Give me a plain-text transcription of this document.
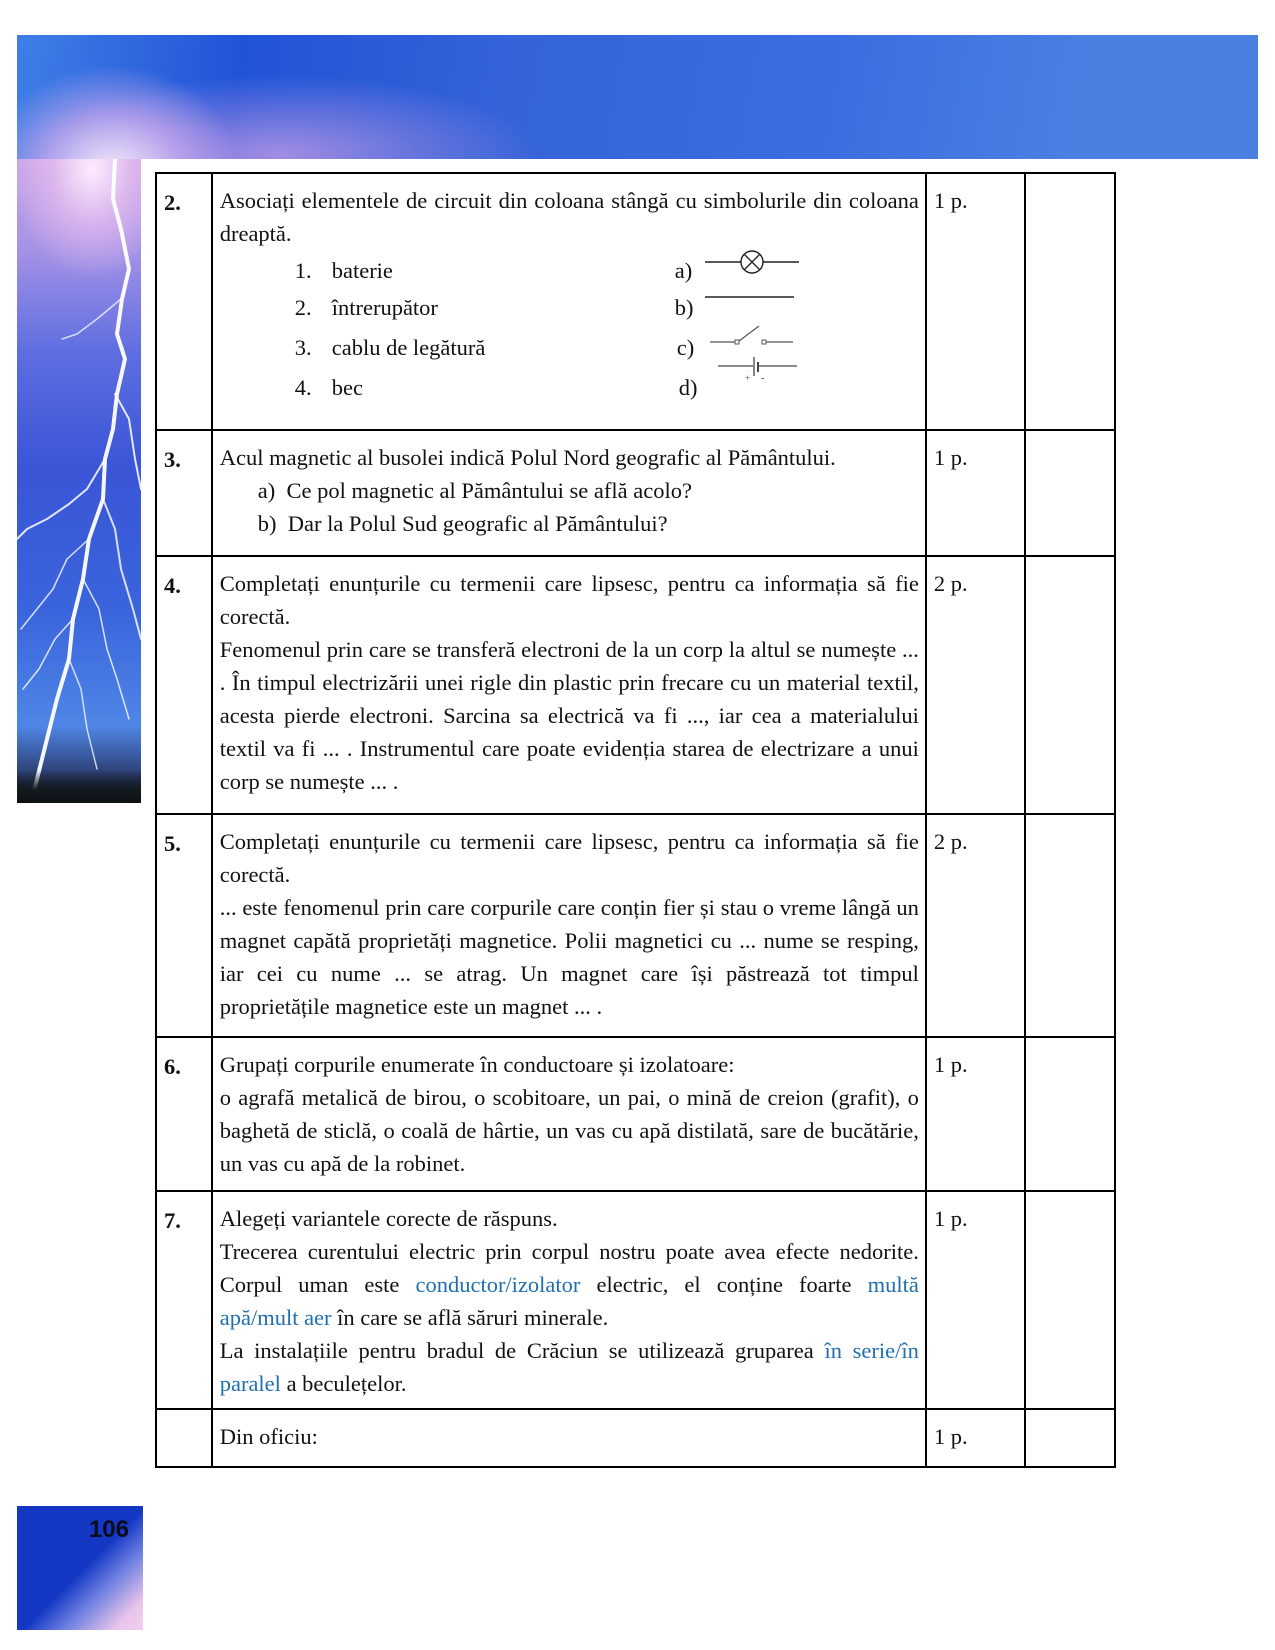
2.	Asociați elementele de circuit din coloana stângă cu simbolurile din coloana dreaptă.
1. baterie
2. întrerupător
3. cablu de legătură
4. bec
a)
b)
c)
d)	+ -
	1 p.	
3.	Acul magnetic al busolei indică Polul Nord geografic al Pământului.
a) Ce pol magnetic al Pământului se află acolo?
b) Dar la Polul Sud geografic al Pământului?	1 p.	
4.	Completați enunțurile cu termenii care lipsesc, pentru ca informația să fie corectă.
Fenomenul prin care se transferă electroni de la un corp la altul se numește ... . În timpul electrizării unei rigle din plastic prin frecare cu un material textil, acesta pierde electroni. Sarcina sa electrică va fi ..., iar cea a materialului textil va fi ... . Instrumentul care poate evidenția starea de electrizare a unui corp se numește ... .	2 p.	
5.	Completați enunțurile cu termenii care lipsesc, pentru ca informația să fie corectă.
... este fenomenul prin care corpurile care conțin fier și stau o vreme lângă un magnet capătă proprietăți magnetice. Polii magnetici cu ... nume se resping, iar cei cu nume ... se atrag. Un magnet care își păstrează tot timpul proprietățile magnetice este un magnet ... .	2 p.	
6.	Grupați corpurile enumerate în conductoare și izolatoare:
o agrafă metalică de birou, o scobitoare, un pai, o mină de creion (grafit), o baghetă de sticlă, o coală de hârtie, un vas cu apă distilată, sare de bucătărie, un vas cu apă de la robinet.	1 p.	
7.	Alegeți variantele corecte de răspuns.
Trecerea curentului electric prin corpul nostru poate avea efecte nedorite. Corpul uman este conductor/izolator electric, el conține foarte multă apă/mult aer în care se află săruri minerale.
La instalațiile pentru bradul de Crăciun se utilizează gruparea în serie/în paralel a beculețelor.	1 p.	
	Din oficiu:	1 p.	
106
